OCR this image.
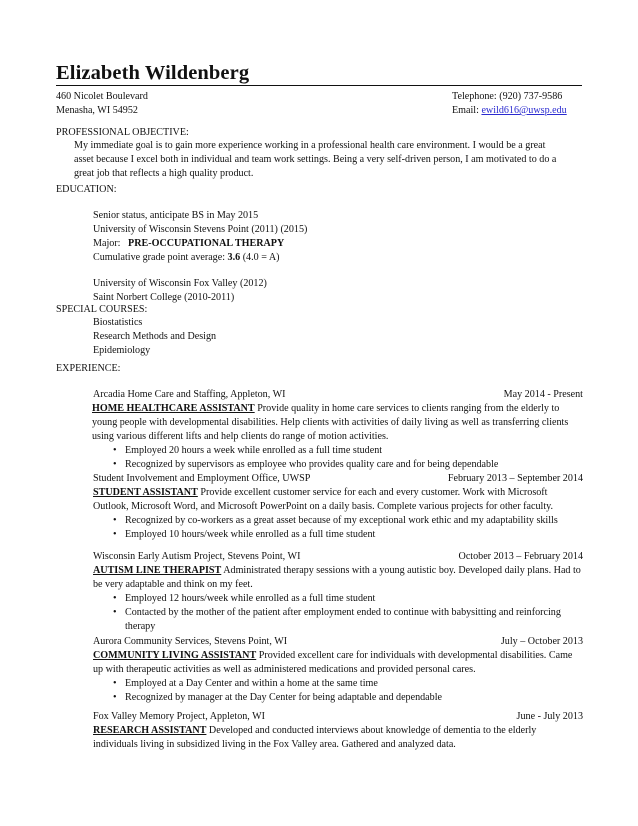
Elizabeth Wildenberg
460 Nicolet Boulevard
Menasha, WI 54952
Telephone: (920) 737-9586
Email: ewild616@uwsp.edu
PROFESSIONAL OBJECTIVE:
My immediate goal is to gain more experience working in a professional health care environment. I would be a great
asset because I excel both in individual and team work settings. Being a very self-driven person, I am motivated to do a
great job that reflects a high quality product.
EDUCATION:
Senior status, anticipate BS in May 2015
University of Wisconsin Stevens Point (2011) (2015)
Major:   PRE-OCCUPATIONAL THERAPY
Cumulative grade point average: 3.6 (4.0 = A)
University of Wisconsin Fox Valley (2012)
Saint Norbert College (2010-2011)
SPECIAL COURSES:
Biostatistics
Research Methods and Design
Epidemiology
EXPERIENCE:
Arcadia Home Care and Staffing, Appleton, WI	May 2014 - Present
HOME HEALTHCARE ASSISTANT Provide quality in home care services to clients ranging from the elderly to young people with developmental disabilities. Help clients with activities of daily living as well as transferring clients using various different lifts and help clients do range of motion activities.
• Employed 20 hours a week while enrolled as a full time student
• Recognized by supervisors as employee who provides quality care and for being dependable
Student Involvement and Employment Office, UWSP	February 2013 – September 2014
STUDENT ASSISTANT Provide excellent customer service for each and every customer. Work with Microsoft Outlook, Microsoft Word, and Microsoft PowerPoint on a daily basis. Complete various projects for other faculty.
• Recognized by co-workers as a great asset because of my exceptional work ethic and my adaptability skills
• Employed 10 hours/week while enrolled as a full time student
Wisconsin Early Autism Project, Stevens Point, WI	October 2013 – February 2014
AUTISM LINE THERAPIST Administrated therapy sessions with a young autistic boy. Developed daily plans. Had to be very adaptable and think on my feet.
• Employed 12 hours/week while enrolled as a full time student
• Contacted by the mother of the patient after employment ended to continue with babysitting and reinforcing therapy
Aurora Community Services, Stevens Point, WI	July – October 2013
COMMUNITY LIVING ASSISTANT Provided excellent care for individuals with developmental disabilities. Came up with therapeutic activities as well as administered medications and provided personal cares.
• Employed at a Day Center and within a home at the same time
• Recognized by manager at the Day Center for being adaptable and dependable
Fox Valley Memory Project, Appleton, WI	June - July 2013
RESEARCH ASSISTANT Developed and conducted interviews about knowledge of dementia to the elderly individuals living in subsidized living in the Fox Valley area. Gathered and analyzed data.
